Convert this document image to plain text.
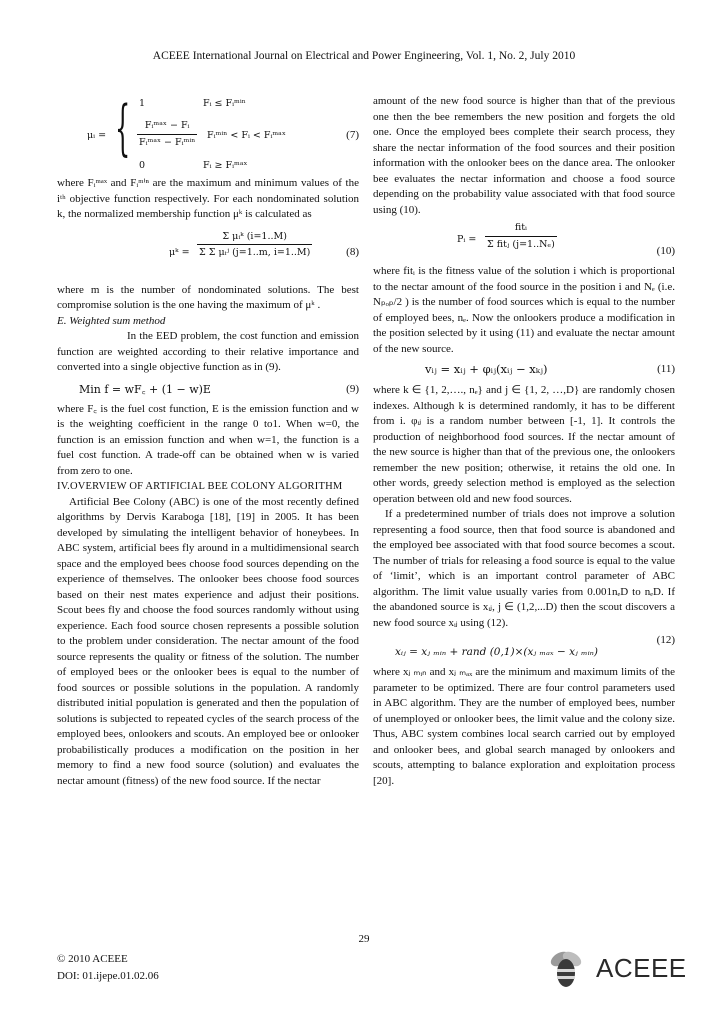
ACEEE International Journal on Electrical and Power Engineering, Vol. 1, No. 2, July 2010
μᵢ = { 1	Fᵢ ≤ Fᵢᵐⁱⁿ
$\frac{\text{Fᵢᵐᵃˣ − Fᵢ}}{\text{Fᵢᵐᵃˣ − Fᵢᵐⁱⁿ}}$ Fᵢᵐⁱⁿ < Fᵢ < Fᵢᵐᵃˣ
0	Fᵢ ≥ Fᵢᵐᵃˣ
(7)

where Fᵢᵐᵃˣ and Fᵢᵐⁱⁿ are the maximum and minimum values of the iᵗʰ objective function respectively. For each nondominated solution k, the normalized membership function μᵏ is calculated as

μᵏ = $\frac{\text{Σ μᵢᵏ (i=1..M)}}{\text{Σ Σ μᵢʲ (j=1..m, i=1..M)}}$	(8)

where m is the number of nondominated solutions. The best compromise solution is the one having the maximum of μᵏ .

E. Weighted sum method

In the EED problem, the cost function and emission function are weighted according to their relative importance and converted into a single objective function as in (9).

Min f = wF꜀ + (1 − w)E	(9)

where F꜀ is the fuel cost function, E is the emission function and w is the weighting coefficient in the range 0 to1. When w=0, the function is an emission function and when w=1, the function is a fuel cost function. A trade-off can be obtained when w is varied from zero to one.

IV.OVERVIEW OF ARTIFICIAL BEE COLONY ALGORITHM

Artificial Bee Colony (ABC) is one of the most recently defined algorithms by Dervis Karaboga [18], [19] in 2005. It has been developed by simulating the intelligent behavior of honeybees. In ABC system, artificial bees fly around in a multidimensional search space and the employed bees choose food sources depending on the experience of themselves. The onlooker bees choose food sources based on their nest mates experience and adjust their positions. Scout bees fly and choose the food sources randomly without using experience. Each food source chosen represents a possible solution to the problem under consideration. The nectar amount of the food source represents the quality or fitness of the solution. The number of employed bees or the onlooker bees is equal to the number of food sources or possible solutions in the population. A randomly distributed initial population is generated and then the population of solutions is subjected to repeated cycles of the search process of the employed bees, onlookers and scouts. An employed bee or onlooker probabilistically produces a modification on the position in her memory to find a new food source (solution) and evaluates the nectar amount (fitness) of the new food source. If the nectar

amount of the new food source is higher than that of the previous one then the bee remembers the new position and forgets the old one. Once the employed bees complete their search process, they share the nectar information of the food sources and their position information with the onlooker bees on the dance area. The onlooker bee evaluates the nectar information and choose a food source depending on the probability value associated with that food source using (10).

Pᵢ = $\frac{\text{fitᵢ}}{\text{Σ fitⱼ (j=1..Nₑ)}}$	(10)

where fitᵢ is the fitness value of the solution i which is proportional to the nectar amount of the food source in the position i and Nₑ (i.e. Nₚₒₚ/2 ) is the number of food sources which is equal to the number of employed bees, nₑ. Now the onlookers produce a modification in the position selected by it using (11) and evaluate the nectar amount of the new source.

vᵢⱼ = xᵢⱼ + φᵢⱼ(xᵢⱼ − xₖⱼ)	(11)

where k ∈ {1, 2,…., nₑ} and j ∈ {1, 2, …,D} are randomly chosen indexes. Although k is determined randomly, it has to be different from i. φᵢⱼ is a random number between [-1, 1]. It controls the production of neighborhood food sources. If the nectar amount of the new source is higher than that of the previous one, the onlookers remember the new position; otherwise, it retains the old one. In other words, greedy selection method is employed as the selection operation between old and new food sources.

If a predetermined number of trials does not improve a solution representing a food source, then that food source is abandoned and the employed bee associated with that food source becomes a scout. The number of trials for releasing a food source is equal to the value of ‘limit’, which is an important control parameter of ABC algorithm. The limit value usually varies from 0.001nₑD to nₑD. If the abandoned source is xᵢⱼ, j ∈ (1,2,...D) then the scout discovers a new food source xᵢⱼ using (12).

xᵢⱼ = xⱼ ₘᵢₙ + rand (0,1)×(xⱼ ₘₐₓ − xⱼ ₘᵢₙ)
(12)

where xⱼ ₘᵢₙ and xⱼ ₘₐₓ are the minimum and maximum limits of the parameter to be optimized. There are four control parameters used in ABC algorithm. They are the number of employed bees, number of unemployed or onlooker bees, the limit value and the colony size. Thus, ABC system combines local search carried out by employed and onlooker bees, and global search managed by onlookers and scouts, attempting to balance exploration and exploitation process [20].

29
© 2010 ACEEE
DOI: 01.ijepe.01.02.06	ACEEE
